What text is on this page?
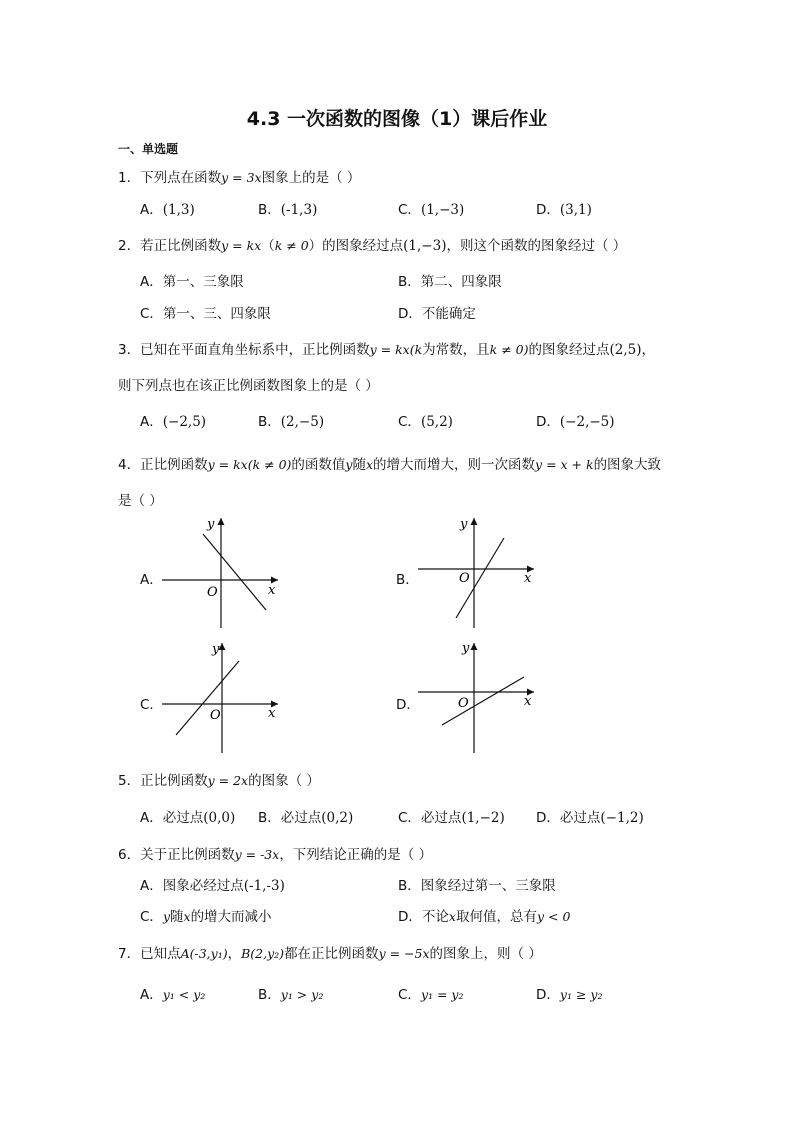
4.3 一次函数的图像（1）课后作业
一、单选题
1．下列点在函数y = 3x图象上的是（ ）
A．(1,3)	B．(-1,3)	C．(1,−3)	D．(3,1)
2．若正比例函数y = kx（k ≠ 0）的图象经过点(1,−3)，则这个函数的图象经过（ ）
A．第一、三象限	B．第二、四象限
C．第一、三、四象限	D．不能确定
3．已知在平面直角坐标系中，正比例函数y = kx(k为常数，且k ≠ 0)的图象经过点(2,5)，
则下列点也在该正比例函数图象上的是（ ）
A．(−2,5)	B．(2,−5)	C．(5,2)	D．(−2,−5)
4．正比例函数y = kx(k ≠ 0)的函数值y随x的增大而增大，则一次函数y = x + k的图象大致
是（ ）
A．	B．
C．	D．
y
x
O
y
x
O
y
x
O
y
x
O
5．正比例函数y = 2x的图象（ ）
A．必过点(0,0) B．必过点(0,2)	C．必过点(1,−2) D．必过点(−1,2)
6．关于正比例函数y = -3x，下列结论正确的是（ ）
A．图象必经过点(-1,-3)	B．图象经过第一、三象限
C．y随x的增大而减小	D．不论x取何值，总有y < 0
7．已知点A(-3,y₁)，B(2,y₂)都在正比例函数y = −5x的图象上，则（ ）
A．y₁ < y₂	B．y₁ > y₂	C．y₁ = y₂	D．y₁ ≥ y₂
